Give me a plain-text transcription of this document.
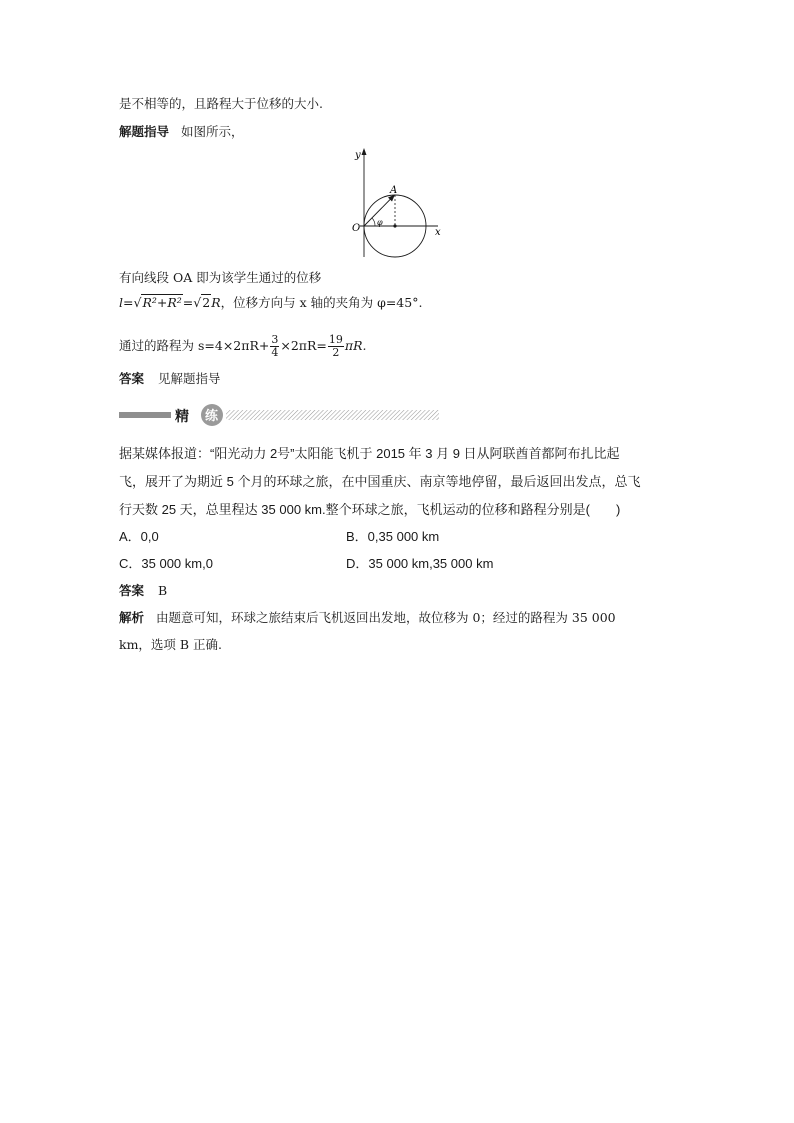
是不相等的，且路程大于位移的大小.
解题指导 如图所示，
y
x
O
A
φ
有向线段 OA 即为该学生通过的位移
l=√R²+R²=√2R，位移方向与 x 轴的夹角为 φ=45°.
通过的路程为 $s=4\times 2\pi R+ \frac{3}{4} \times 2\pi R= \frac{19}{2} \pi R$.
答案 见解题指导
精 练
据某媒体报道：“阳光动力 2号”太阳能飞机于 2015 年 3 月 9 日从阿联酋首都阿布扎比起
飞，展开了为期近 5 个月的环球之旅，在中国重庆、南京等地停留，最后返回出发点，总飞
行天数 25 天，总里程达 35 000 km.整个环球之旅，飞机运动的位移和路程分别是(　　)
A．0,0	B．0,35 000 km
C．35 000 km,0	D．35 000 km,35 000 km
答案 B
解析 由题意可知，环球之旅结束后飞机返回出发地，故位移为 0；经过的路程为 35 000
km，选项 B 正确.
